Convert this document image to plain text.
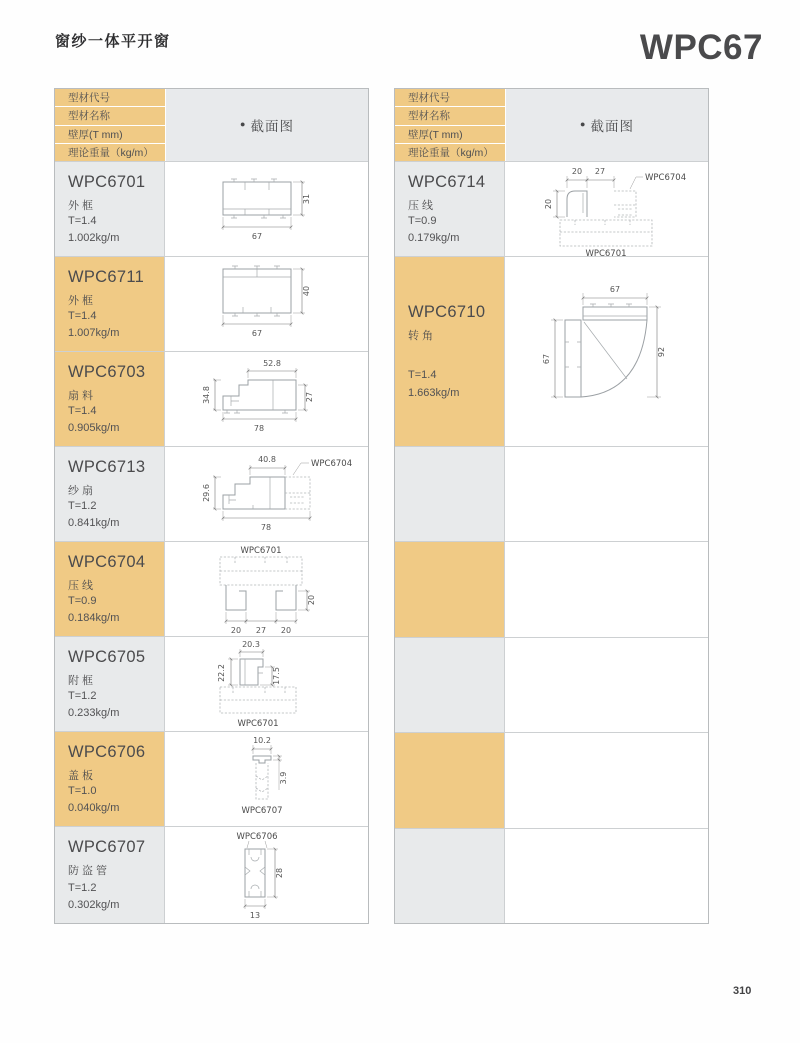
窗纱一体平开窗	WPC67
型材代号
型材名称
壁厚(T mm)
理论重量（kg/m）
● 截面图
WPC6701
外框
T=1.4
1.002kg/m	67
31
WPC6711
外框
T=1.4
1.007kg/m	67
40
WPC6703
扇料
T=1.4
0.905kg/m
52.8
34.8	27
78
WPC6713
纱扇
T=1.2
0.841kg/m
40.8	WPC6704
29.6
78
WPC6704
压线
T=0.9
0.184kg/m
WPC6701
20
20 27 20
WPC6705
附框
T=1.2
0.233kg/m
20.3
22.2	17.5
WPC6701
WPC6706
盖板
T=1.0
0.040kg/m
10.2
3.9
WPC6707
WPC6707
防盗管
T=1.2
0.302kg/m
WPC6706
28
13
型材代号
型材名称
壁厚(T mm)
理论重量（kg/m）
● 截面图
WPC6714
压线
T=0.9
0.179kg/m
20 27
20
WPC6704
WPC6701
WPC6710
转角
T=1.4
1.663kg/m
67
67
92
310
